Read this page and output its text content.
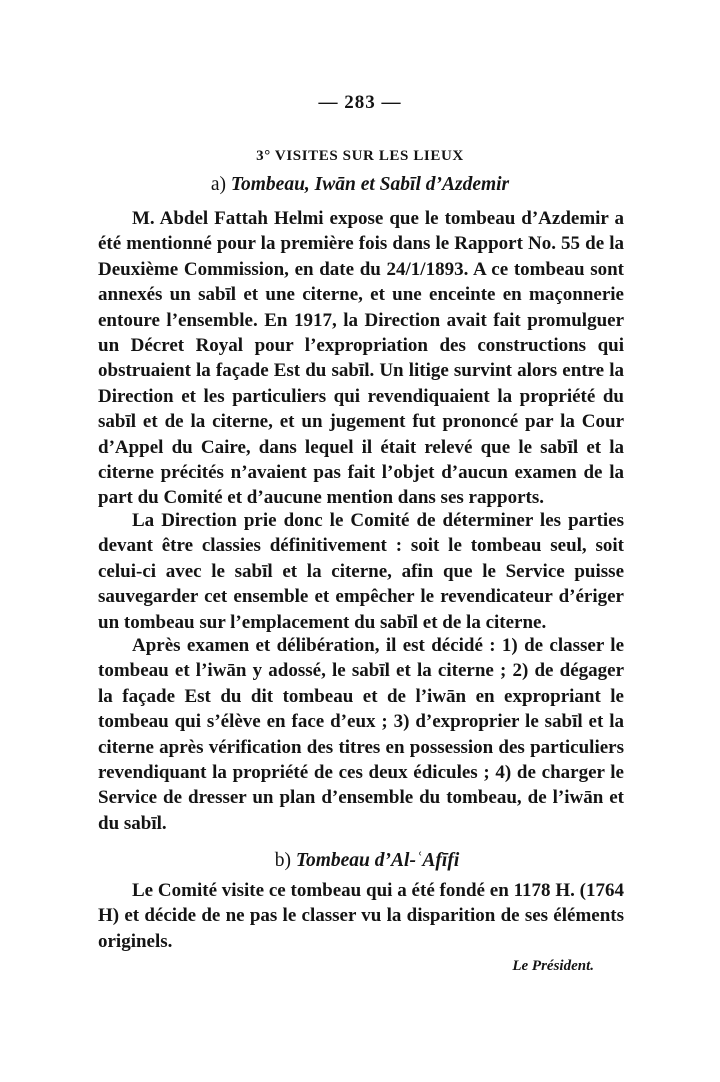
— 283 —
3° VISITES SUR LES LIEUX
a) Tombeau, Iwān et Sabīl d’Azdemir

M. Abdel Fattah Helmi expose que le tombeau d’Azdemir a été mentionné pour la première fois dans le Rapport No. 55 de la Deuxième Commission, en date du 24/1/1893. A ce tombeau sont annexés un sabīl et une citerne, et une enceinte en maçonnerie entoure l’ensemble. En 1917, la Direction avait fait promulguer un Décret Royal pour l’expropriation des constructions qui obstruaient la façade Est du sabīl. Un litige survint alors entre la Direction et les particuliers qui revendiquaient la propriété du sabīl et de la citerne, et un jugement fut prononcé par la Cour d’Appel du Caire, dans lequel il était relevé que le sabīl et la citerne précités n’avaient pas fait l’objet d’aucun examen de la part du Comité et d’aucune mention dans ses rapports.

La Direction prie donc le Comité de déterminer les parties devant être classies définitivement : soit le tombeau seul, soit celui-ci avec le sabīl et la citerne, afin que le Service puisse sauvegarder cet ensemble et empêcher le revendicateur d’ériger un tombeau sur l’emplacement du sabīl et de la citerne.

Après examen et délibération, il est décidé : 1) de classer le tombeau et l’iwān y adossé, le sabīl et la citerne ; 2) de dégager la façade Est du dit tombeau et de l’iwān en expropriant le tombeau qui s’élève en face d’eux ; 3) d’exproprier le sabīl et la citerne après vérification des titres en possession des particuliers revendiquant la propriété de ces deux édicules ; 4) de charger le Service de dresser un plan d’ensemble du tombeau, de l’iwān et du sabīl.

b) Tombeau d’Al-ʿAfīfi

Le Comité visite ce tombeau qui a été fondé en 1178 H. (1764 H) et décide de ne pas le classer vu la disparition de ses éléments originels.

Le Président.
